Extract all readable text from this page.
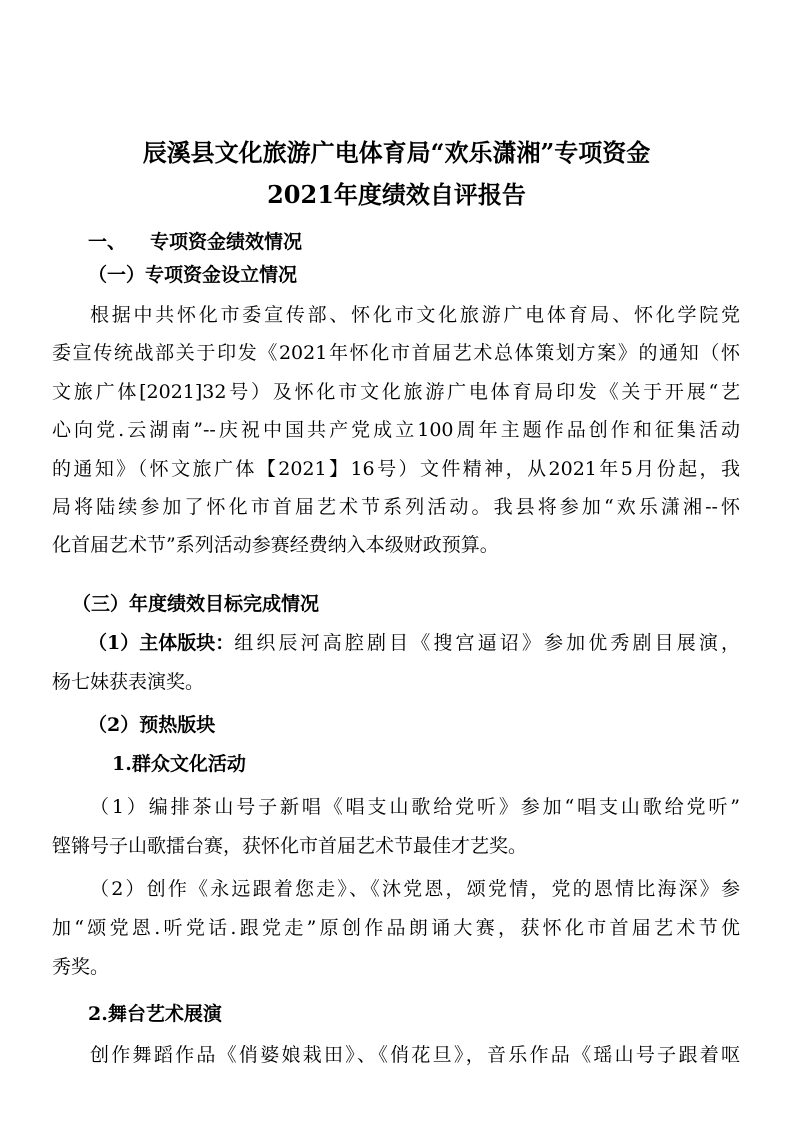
辰溪县文化旅游广电体育局“欢乐潇湘”专项资金
2021年度绩效自评报告
一、 专项资金绩效情况
（一）专项资金设立情况
根据中共怀化市委宣传部、怀化市文化旅游广电体育局、怀化学院党
委宣传统战部关于印发《2021年怀化市首届艺术总体策划方案》的通知（怀
文旅广体[2021]32号）及怀化市文化旅游广电体育局印发《关于开展“艺
心向党.云湖南”--庆祝中国共产党成立100周年主题作品创作和征集活动
的通知》（怀文旅广体【2021】16号）文件精神，从2021年5月份起，我
局将陆续参加了怀化市首届艺术节系列活动。我县将参加“欢乐潇湘--怀
化首届艺术节”系列活动参赛经费纳入本级财政预算。
（三）年度绩效目标完成情况
（1）主体版块： 组织辰河高腔剧目《搜宫逼诏》参加优秀剧目展演，
杨七妹获表演奖。
（2）预热版块
1.群众文化活动
（1）编排茶山号子新唱《唱支山歌给党听》参加“唱支山歌给党听”
铿锵号子山歌擂台赛，获怀化市首届艺术节最佳才艺奖。
（2）创作《永远跟着您走》、《沐党恩，颂党情，党的恩情比海深》参
加“颂党恩.听党话.跟党走”原创作品朗诵大赛，获怀化市首届艺术节优
秀奖。
2.舞台艺术展演
创作舞蹈作品《俏婆娘栽田》、《俏花旦》，音乐作品《瑶山号子跟着呕
